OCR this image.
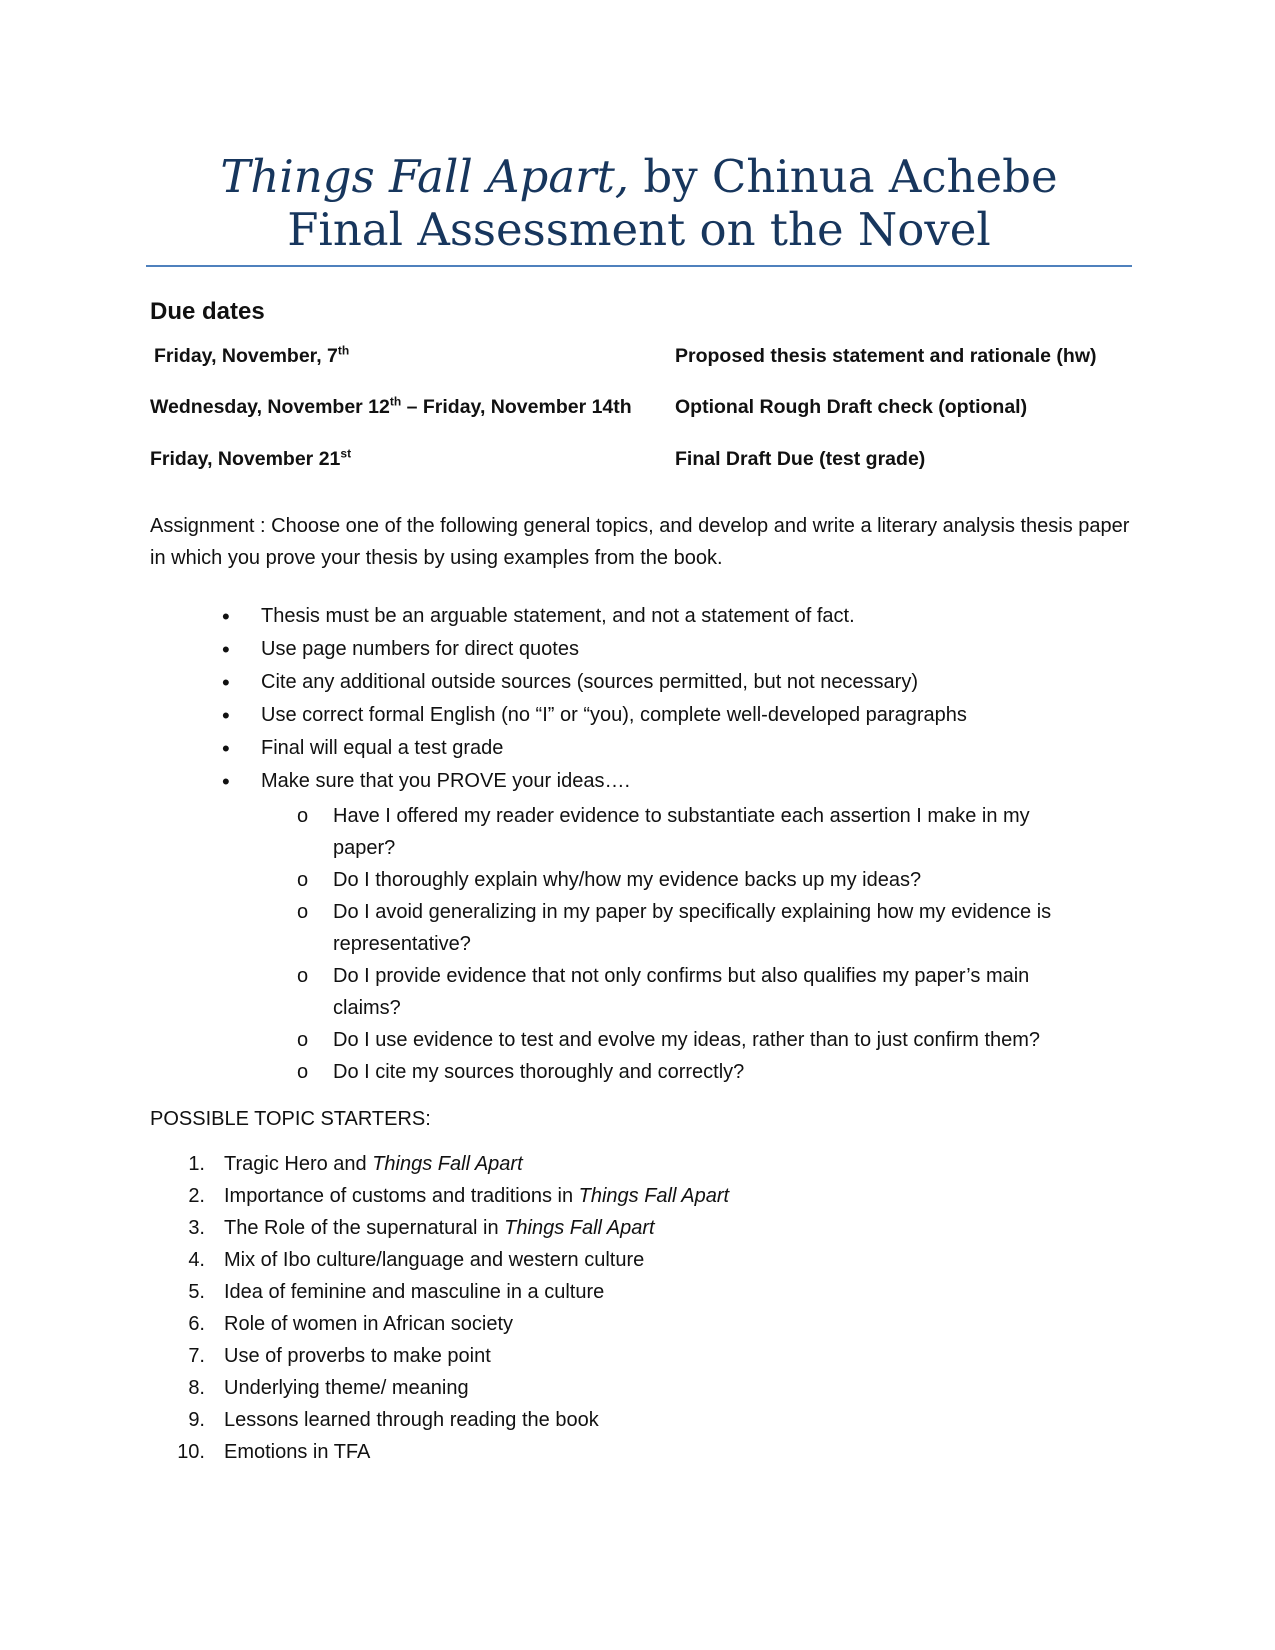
Things Fall Apart, by Chinua Achebe
Final Assessment on the Novel
Due dates
Friday, November, 7th	Proposed thesis statement and rationale (hw)
Wednesday, November 12th – Friday, November 14th Optional Rough Draft check (optional)
Friday, November 21st	Final Draft Due (test grade)
Assignment : Choose one of the following general topics, and develop and write a literary analysis thesis paper in which you prove your thesis by using examples from the book.
• Thesis must be an arguable statement, and not a statement of fact.
• Use page numbers for direct quotes
• Cite any additional outside sources (sources permitted, but not necessary)
• Use correct formal English (no “I” or “you), complete well-developed paragraphs
• Final will equal a test grade
• Make sure that you PROVE your ideas….
o Have I offered my reader evidence to substantiate each assertion I make in my paper?
o Do I thoroughly explain why/how my evidence backs up my ideas?
o Do I avoid generalizing in my paper by specifically explaining how my evidence is representative?
o Do I provide evidence that not only confirms but also qualifies my paper’s main claims?
o Do I use evidence to test and evolve my ideas, rather than to just confirm them?
o Do I cite my sources thoroughly and correctly?
POSSIBLE TOPIC STARTERS:
1. Tragic Hero and Things Fall Apart
2. Importance of customs and traditions in Things Fall Apart
3. The Role of the supernatural in Things Fall Apart
4. Mix of Ibo culture/language and western culture
5. Idea of feminine and masculine in a culture
6. Role of women in African society
7. Use of proverbs to make point
8. Underlying theme/ meaning
9. Lessons learned through reading the book
10. Emotions in TFA
